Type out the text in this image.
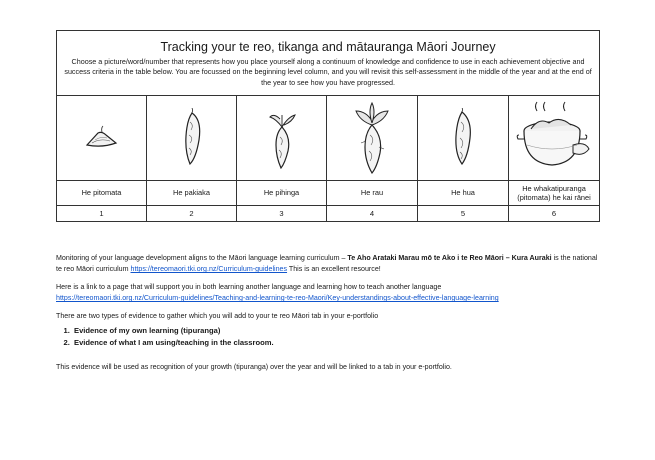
Tracking your te reo, tikanga and mātauranga Māori Journey
Choose a picture/word/number that represents how you place yourself along a continuum of knowledge and confidence to use in each achievement objective and success criteria in the table below. You are focussed on the beginning level column, and you will revisit this self-assessment in the middle of the year and at the end of the year to see how you have progressed.					

He pitomata	He pakiaka	He pihinga	He rau	He hua	He whakatipuranga (pitomata) he kai rānei
1	2	3	4	5	6

Monitoring of your language development aligns to the Māori language learning curriculum – Te Aho Arataki Marau mō te Ako i te Reo Māori – Kura Auraki is the national te reo Māori curriculum https://tereomaori.tki.org.nz/Curriculum-guidelines This is an excellent resource!

Here is a link to a page that will support you in both learning another language and learning how to teach another language

https://tereomaori.tki.org.nz/Curriculum-guidelines/Teaching-and-learning-te-reo-Maori/Key-understandings-about-effective-language-learning

There are two types of evidence to gather which you will add to your te reo Māori tab in your e-portfolio
1. Evidence of my own learning (tipuranga)
2. Evidence of what I am using/teaching in the classroom.
This evidence will be used as recognition of your growth (tipuranga) over the year and will be linked to a tab in your e-portfolio.
